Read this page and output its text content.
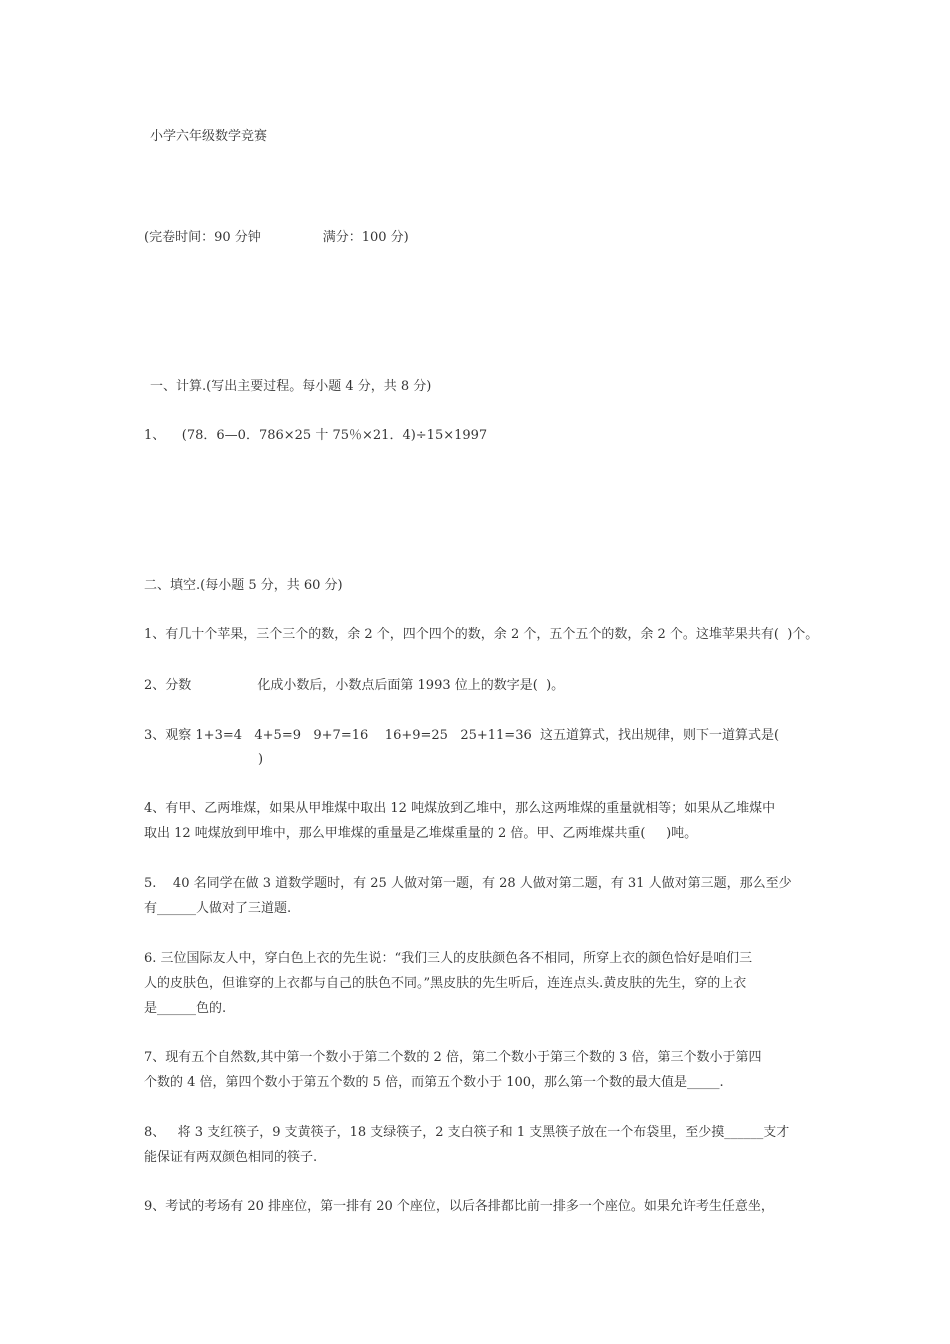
小学六年级数学竞赛
(完卷时间：90 分钟               满分：100 分)
一、计算.(写出主要过程。每小题 4 分，共 8 分)
1、    (78．6—0．786×25 十 75％×21．4)÷15×1997
二、填空.(每小题 5 分，共 60 分)
1、有几十个苹果，三个三个的数，余 2 个，四个四个的数，余 2 个，五个五个的数，余 2 个。这堆苹果共有(  )个。
2、分数                化成小数后，小数点后面第 1993 位上的数字是(  )。
3、观察 1+3=4   4+5=9   9+7=16    16+9=25   25+11=36  这五道算式，找出规律，则下一道算式是(
)
4、有甲、乙两堆煤，如果从甲堆煤中取出 12 吨煤放到乙堆中，那么这两堆煤的重量就相等；如果从乙堆煤中
取出 12 吨煤放到甲堆中，那么甲堆煤的重量是乙堆煤重量的 2 倍。甲、乙两堆煤共重(     )吨。
5.    40 名同学在做 3 道数学题时，有 25 人做对第一题，有 28 人做对第二题，有 31 人做对第三题，那么至少
有______人做对了三道题.
6. 三位国际友人中，穿白色上衣的先生说：“我们三人的皮肤颜色各不相同，所穿上衣的颜色恰好是咱们三
人的皮肤色，但谁穿的上衣都与自己的肤色不同。”黑皮肤的先生听后，连连点头.黄皮肤的先生，穿的上衣
是______色的.
7、现有五个自然数,其中第一个数小于第二个数的 2 倍，第二个数小于第三个数的 3 倍，第三个数小于第四
个数的 4 倍，第四个数小于第五个数的 5 倍，而第五个数小于 100，那么第一个数的最大值是_____.
8、   将 3 支红筷子，9 支黄筷子，18 支绿筷子，2 支白筷子和 1 支黑筷子放在一个布袋里，至少摸______支才
能保证有两双颜色相同的筷子.
9、考试的考场有 20 排座位，第一排有 20 个座位，以后各排都比前一排多一个座位。如果允许考生任意坐，
